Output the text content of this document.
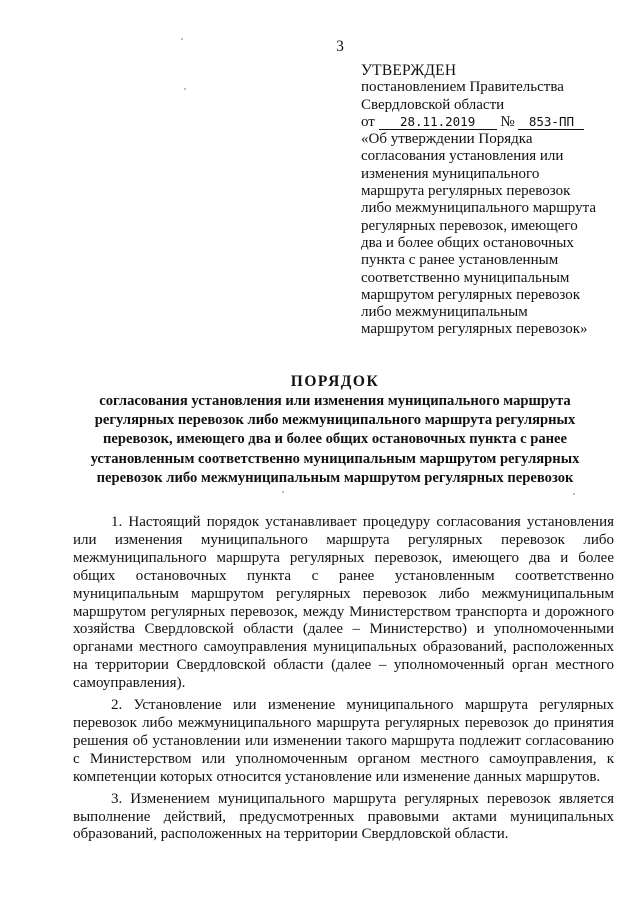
3
УТВЕРЖДЕН
постановлением Правительства
Свердловской области
от 28.11.2019 № 853-ПП
«Об утверждении Порядка
согласования установления или
изменения муниципального
маршрута регулярных перевозок
либо межмуниципального маршрута
регулярных перевозок, имеющего
два и более общих остановочных
пункта с ранее установленным
соответственно муниципальным
маршрутом регулярных перевозок
либо межмуниципальным
маршрутом регулярных перевозок»
ПОРЯДОК
согласования установления или изменения муниципального маршрута
регулярных перевозок либо межмуниципального маршрута регулярных
перевозок, имеющего два и более общих остановочных пункта с ранее
установленным соответственно муниципальным маршрутом регулярных
перевозок либо межмуниципальным маршрутом регулярных перевозок

1. Настоящий порядок устанавливает процедуру согласования установления или изменения муниципального маршрута регулярных перевозок либо межмуниципального маршрута регулярных перевозок, имеющего два и более общих остановочных пункта с ранее установленным соответственно муниципальным маршрутом регулярных перевозок либо межмуниципальным маршрутом регулярных перевозок, между Министерством транспорта и дорожного хозяйства Свердловской области (далее – Министерство) и уполномоченными органами местного самоуправления муниципальных образований, расположенных на территории Свердловской области (далее – уполномоченный орган местного самоуправления).

2. Установление или изменение муниципального маршрута регулярных перевозок либо межмуниципального маршрута регулярных перевозок до принятия решения об установлении или изменении такого маршрута подлежит согласованию с Министерством или уполномоченным органом местного самоуправления, к компетенции которых относится установление или изменение данных маршрутов.

3. Изменением муниципального маршрута регулярных перевозок является выполнение действий, предусмотренных правовыми актами муниципальных образований, расположенных на территории Свердловской области.
